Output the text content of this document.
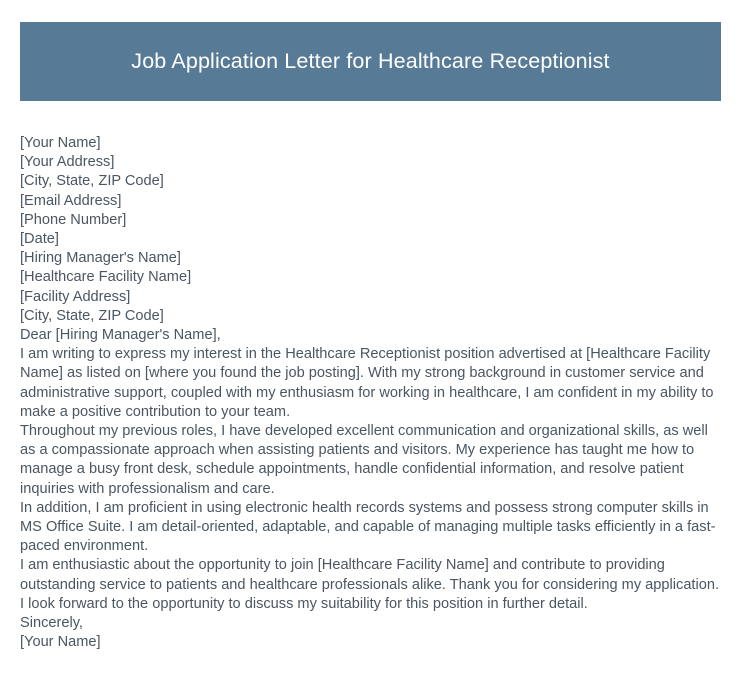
Job Application Letter for Healthcare Receptionist
[Your Name]
[Your Address]
[City, State, ZIP Code]
[Email Address]
[Phone Number]
[Date]
[Hiring Manager's Name]
[Healthcare Facility Name]
[Facility Address]
[City, State, ZIP Code]
Dear [Hiring Manager's Name],

I am writing to express my interest in the Healthcare Receptionist position advertised at [Healthcare Facility Name] as listed on [where you found the job posting]. With my strong background in customer service and administrative support, coupled with my enthusiasm for working in healthcare, I am confident in my ability to make a positive contribution to your team.

Throughout my previous roles, I have developed excellent communication and organizational skills, as well as a compassionate approach when assisting patients and visitors. My experience has taught me how to manage a busy front desk, schedule appointments, handle confidential information, and resolve patient inquiries with professionalism and care.

In addition, I am proficient in using electronic health records systems and possess strong computer skills in MS Office Suite. I am detail-oriented, adaptable, and capable of managing multiple tasks efficiently in a fast-paced environment.

I am enthusiastic about the opportunity to join [Healthcare Facility Name] and contribute to providing outstanding service to patients and healthcare professionals alike. Thank you for considering my application. I look forward to the opportunity to discuss my suitability for this position in further detail.

Sincerely,
[Your Name]
